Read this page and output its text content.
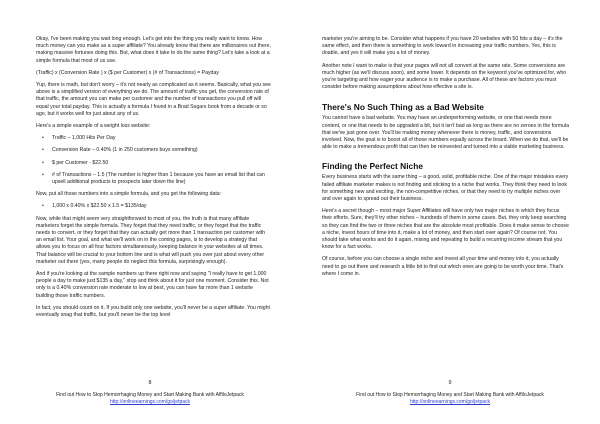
Okay, I've been making you wait long enough. Let's get into the thing you really want to know. How much money can you make as a super affiliate? You already know that there are millionaires out there, making massive fortunes doing this. But, what does it take to do the same thing? Let's take a look at a simple formula that most of us use.

(Traffic) x (Conversion Rate ) x ($ per Customer) x (# of Transactions) = Payday

Yup, there is math, but don't worry – it's not nearly as complicated as it seems. Basically, what you see above is a simplified version of everything we do. The amount of traffic you get, the conversion rate of that traffic, the amount you can make per customer and the number of transactions you pull off will equal your total payday. This is actually a formula I found in a Brad Sugars book from a decade or so ago, but it works well for just about any of us.

Here's a simple example of a weight loss website:

•	Traffic – 1,000 Hits Per Day
•	Conversion Rate – 0.40% (1 in 250 customers buys something)
•	$ per Customer - $22.50
•	# of Transactions – 1.5 (The number is higher than 1 because you have an email list that can upsell additional products to prospects later down the line)

Now, put all those numbers into a simple formula, and you get the following data:

•	1,000 x 0.40% x $22.50 x 1.5 = $135/day

Now, while that might seem very straightforward to most of you, the truth is that many affiliate marketers forget the simple formula. They forget that they need traffic, or they forget that the traffic needs to convert, or they forget that they can actually get more than 1 transaction per customer with an email list. Your goal, and what we'll work on in the coming pages, is to develop a strategy that allows you to focus on all four factors simultaneously, keeping balance in your websites at all times. That balance will be crucial to your bottom line and is what will push you over just about every other marketer out there (yes, many people do neglect this formula, surprisingly enough).

And if you're looking at the sample numbers up there right now and saying "I really have to get 1,000 people a day to make just $135 a day," stop and think about it for just one moment. Consider this. Not only is a 0.40% conversion rate moderate to low at best, you can have far more than 1 website building those traffic numbers.

In fact, you should count on it. If you build only one website, you'll never be a super affiliate. You might eventually snag that traffic, but you'll never be the top level

8
Find out How to Stop Hemorrhaging Money and Start Making Bank with AffiloJetpack
http://onlineearnings.com/go/jetpack

marketer you're aiming to be. Consider what happens if you have 20 websites with 50 hits a day – it's the same effect, and then there is something to work toward in increasing your traffic numbers. Yes, this is doable, and yes it will make you a lot of money.

Another note I want to make is that your pages will not all convert at the same rate. Some conversions are much higher (as we'll discuss soon), and some lower. It depends on the keyword you've optimized for, who you're targeting and how eager your audience is to make a purchase. All of these are factors you must consider before making assumptions about how effective a site is.

There's No Such Thing as a Bad Website

You cannot have a bad website. You may have an underperforming website, or one that needs more content, or one that needs to be upgraded a bit, but it isn't bad as long as there are no zeroes in the formula that we've just gone over. You'll be making money whenever there is money, traffic, and conversions involved. Now, the goal is to boost all of those numbers equally across the board. When we do that, we'll be able to make a tremendous profit that can then be reinvested and turned into a viable marketing business.

Finding the Perfect Niche

Every business starts with the same thing – a good, solid, profitable niche. One of the major mistakes every failed affiliate marketer makes is not finding and sticking to a niche that works. They think they need to look for something new and exciting, the non-competitive niches, or that they need to try multiple niches over and over again to spread out their business.

Here's a secret though – most major Super Affiliates will have only two major niches in which they focus their efforts. Sure, they'll try other niches – hundreds of them in some cases. But, they only keep searching so they can find the two or three niches that are the absolute most profitable. Does it make sense to choose a niche, invest hours of time into it, make a lot of money, and then start over again? Of course not. You should take what works and do it again, mixing and repeating to build a recurring income stream that you know for a fact works.

Of course, before you can choose a single niche and invest all your time and money into it, you actually need to go out there and research a little bit to find out which ones are going to be worth your time. That's where I come in.

9
Find out How to Stop Hemorrhaging Money and Start Making Bank with AffiloJetpack
http://onlineearnings.com/go/jetpack
